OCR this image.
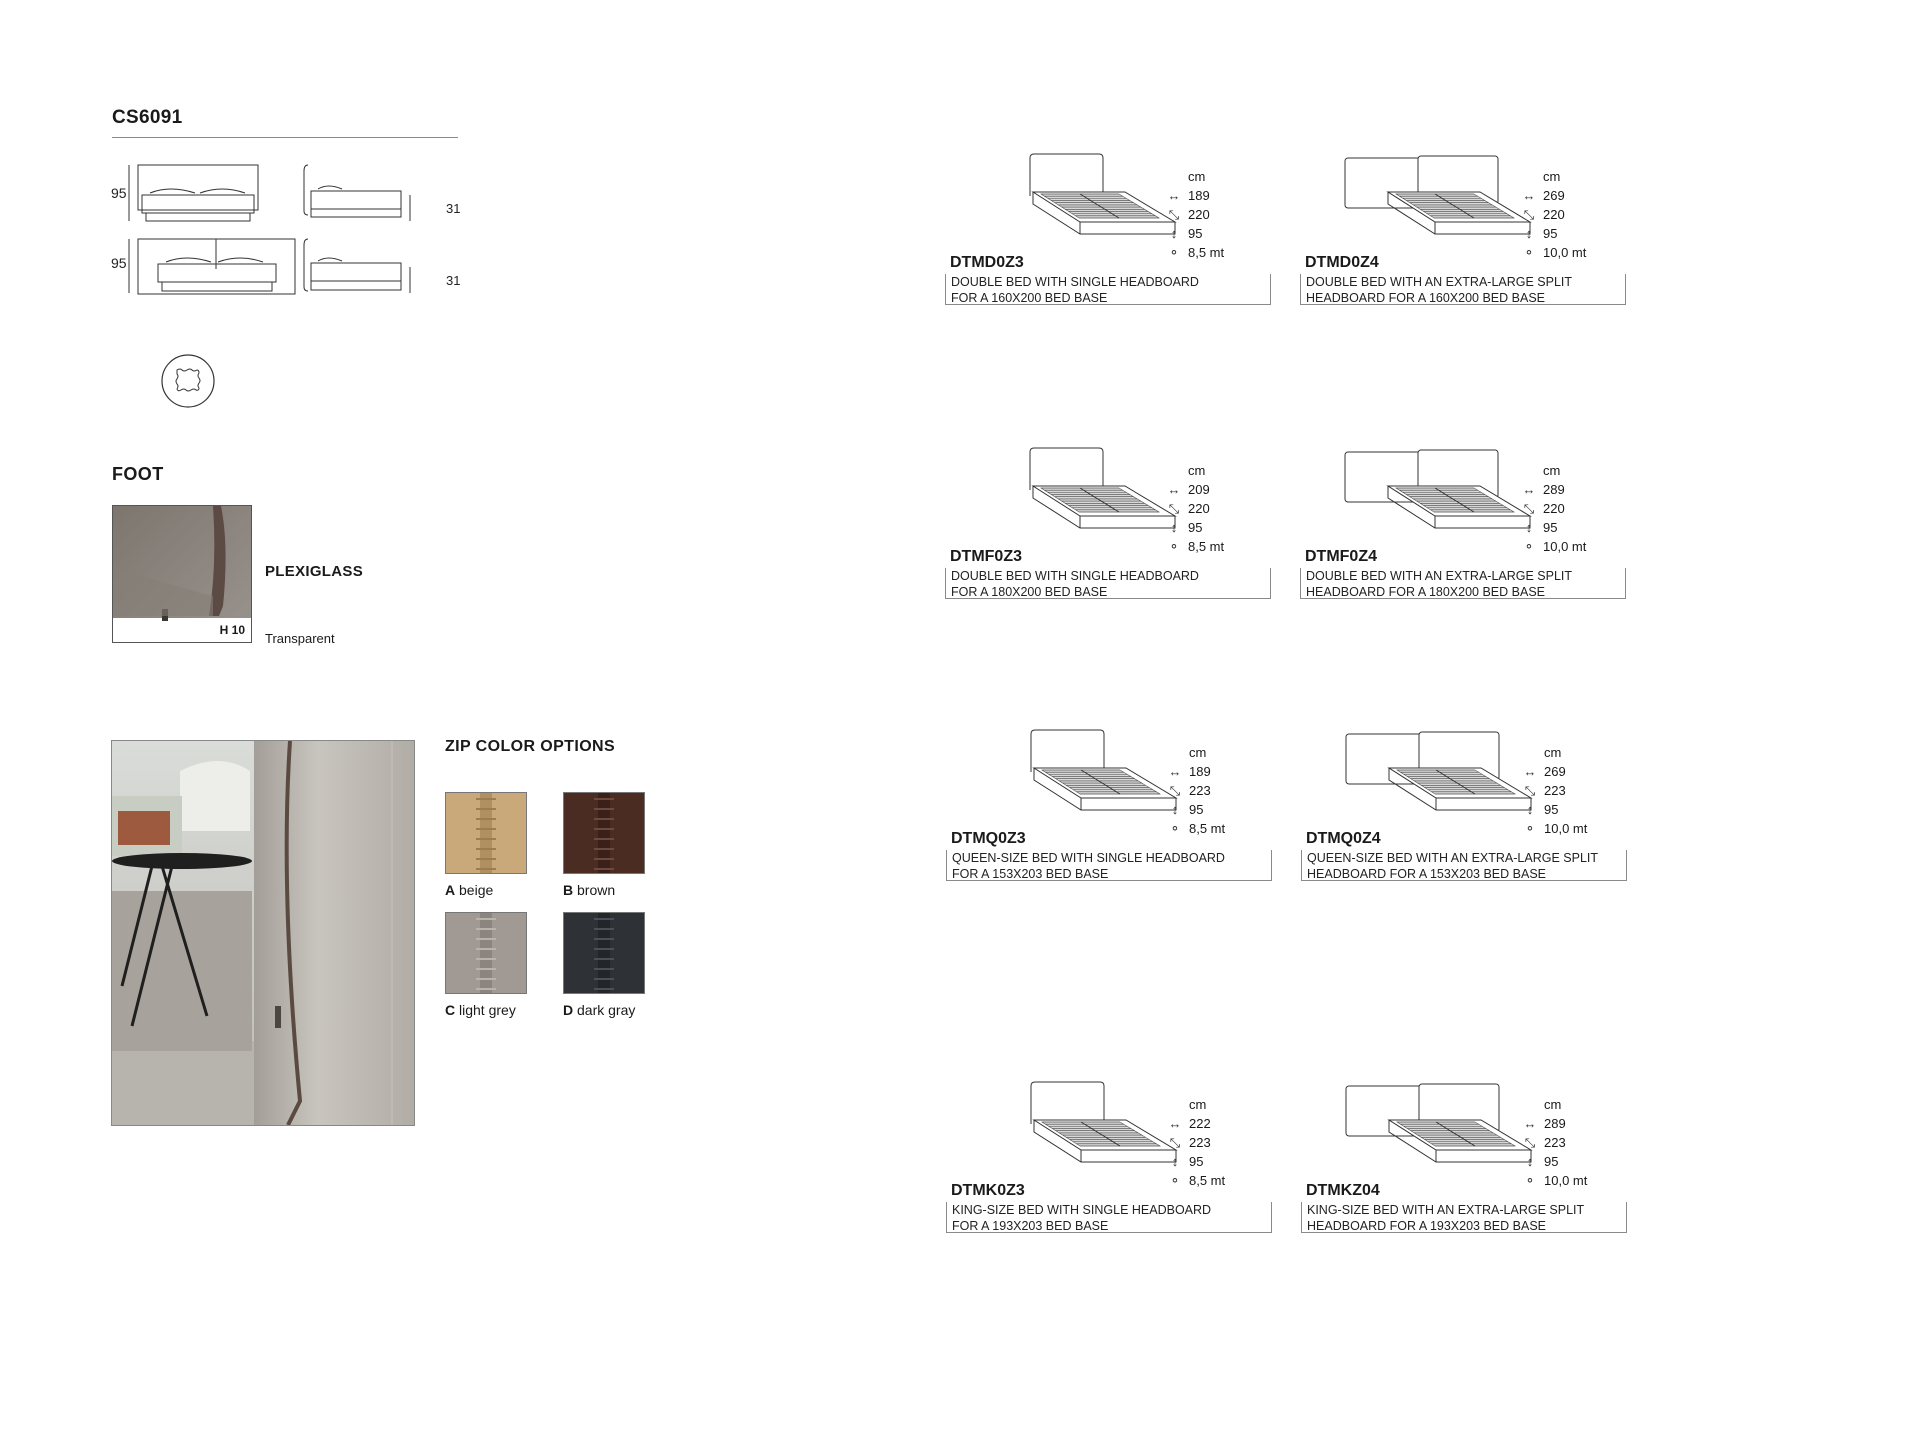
CS6091
95
95
31
31
FOOT
H 10
PLEXIGLASS
Transparent
ZIP COLOR OPTIONS
A beige	B brown
C light grey	D dark gray
cm
↔ 189
⤡ 220
↕ 95
⚬ 8,5 mt
DTMD0Z3
DOUBLE BED WITH SINGLE HEADBOARD
FOR A 160X200 BED BASE
cm
↔ 269
⤡ 220
↕ 95
⚬ 10,0 mt
DTMD0Z4
DOUBLE BED WITH AN EXTRA-LARGE SPLIT
HEADBOARD FOR A 160X200 BED BASE
cm
↔ 209
⤡ 220
↕ 95
⚬ 8,5 mt
DTMF0Z3
DOUBLE BED WITH SINGLE HEADBOARD
FOR A 180X200 BED BASE
cm
↔ 289
⤡ 220
↕ 95
⚬ 10,0 mt
DTMF0Z4
DOUBLE BED WITH AN EXTRA-LARGE SPLIT
HEADBOARD FOR A 180X200 BED BASE
cm
↔ 189
⤡ 223
↕ 95
⚬ 8,5 mt
DTMQ0Z3
QUEEN-SIZE BED WITH SINGLE HEADBOARD
FOR A 153X203 BED BASE
cm
↔ 269
⤡ 223
↕ 95
⚬ 10,0 mt
DTMQ0Z4
QUEEN-SIZE BED WITH AN EXTRA-LARGE SPLIT
HEADBOARD FOR A 153X203 BED BASE
cm
↔ 222
⤡ 223
↕ 95
⚬ 8,5 mt
DTMK0Z3
KING-SIZE BED WITH SINGLE HEADBOARD
FOR A 193X203 BED BASE
cm
↔ 289
⤡ 223
↕ 95
⚬ 10,0 mt
DTMKZ04
KING-SIZE BED WITH AN EXTRA-LARGE SPLIT
HEADBOARD FOR A 193X203 BED BASE
